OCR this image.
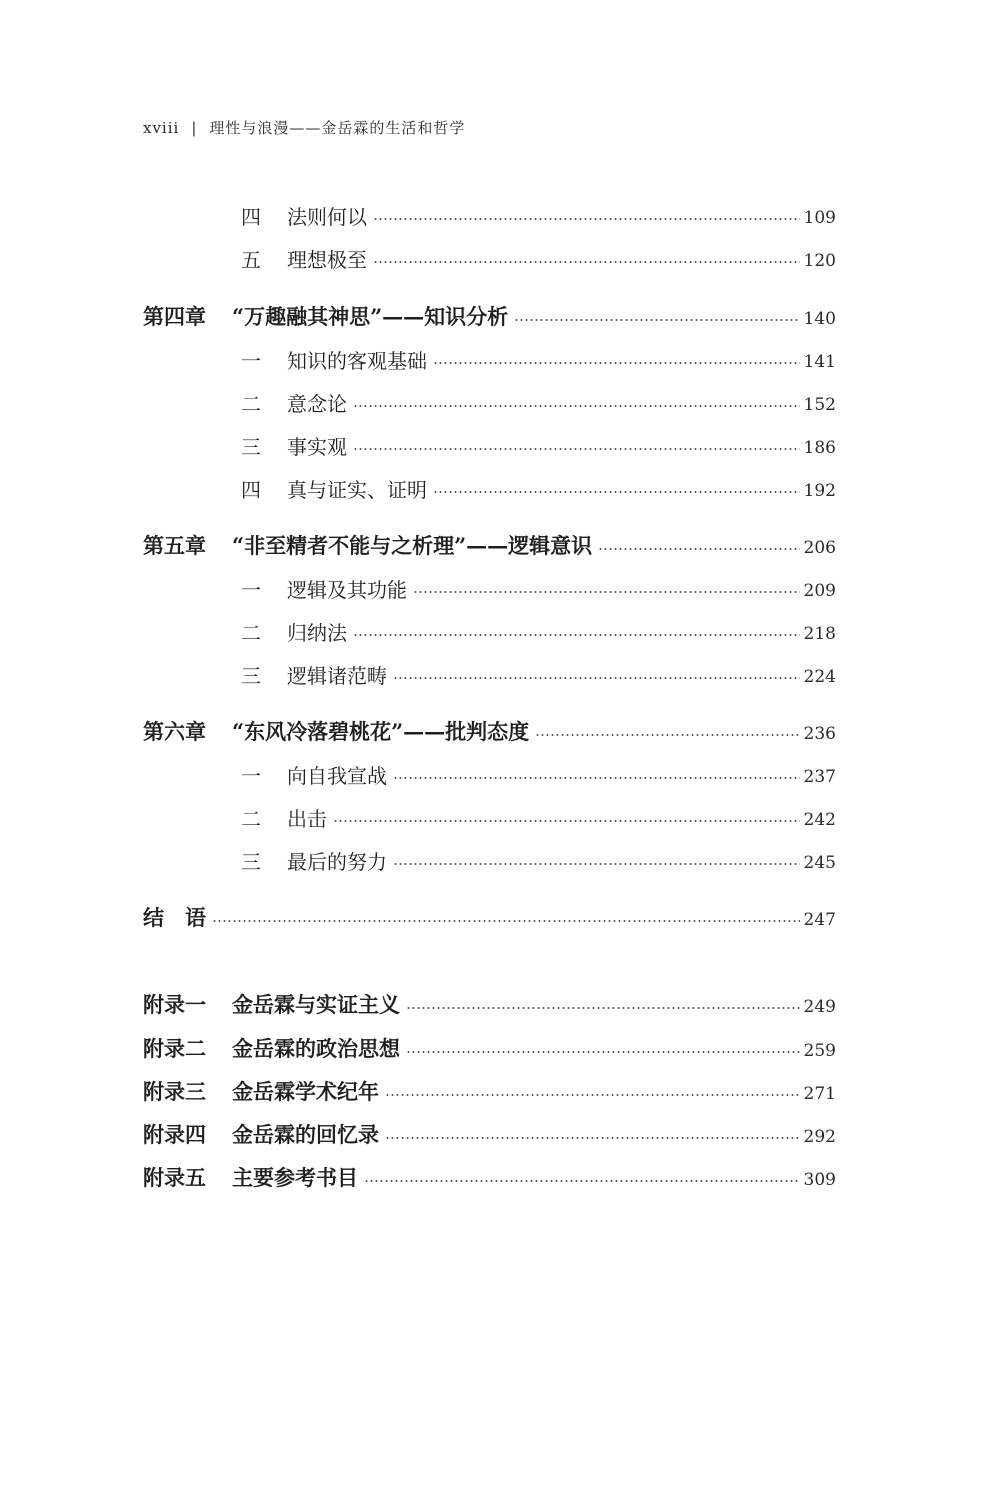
xviii | 理性与浪漫——金岳霖的生活和哲学
四	法则何以	109
五	理想极至	120
第四章 “万趣融其神思”——知识分析	140
一	知识的客观基础	141
二	意念论	152
三	事实观	186
四	真与证实、证明	192
第五章 “非至精者不能与之析理”——逻辑意识	206
一	逻辑及其功能	209
二	归纳法	218
三	逻辑诸范畴	224
第六章 “东风冷落碧桃花”——批判态度	236
一	向自我宣战	237
二	出击	242
三	最后的努力	245
结　语	247
附录一 金岳霖与实证主义	249
附录二 金岳霖的政治思想	259
附录三 金岳霖学术纪年	271
附录四 金岳霖的回忆录	292
附录五 主要参考书目	309
